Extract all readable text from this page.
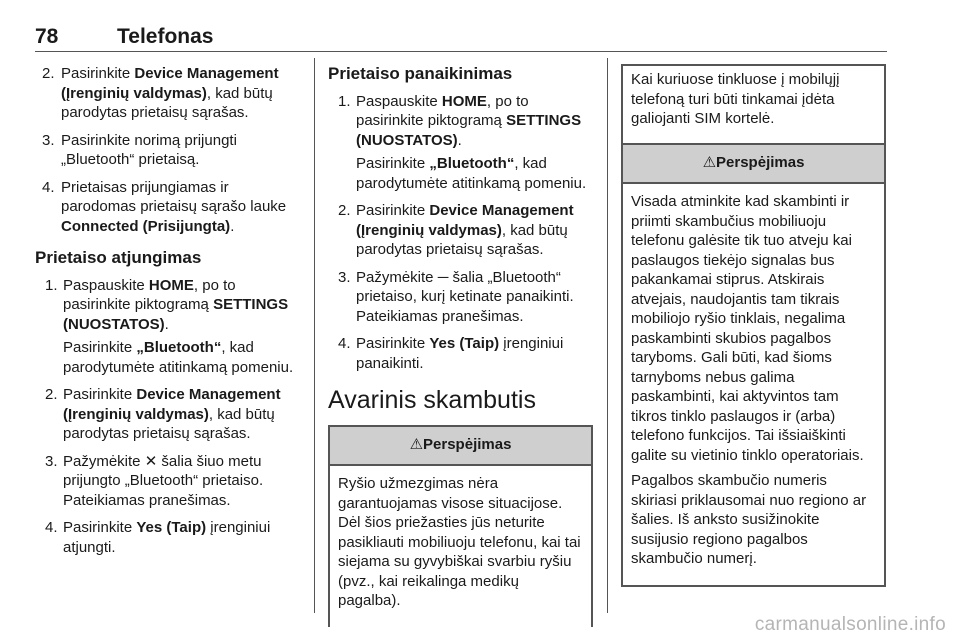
78	Telefonas
2. Pasirinkite Device Management (Įrenginių valdymas), kad būtų parodytas prietaisų sąrašas.
3. Pasirinkite norimą prijungti „Bluetooth“ prietaisą.
4. Prietaisas prijungiamas ir parodomas prietaisų sąrašo lauke Connected (Prisijungta).
Prietaiso atjungimas
1. Paspauskite HOME, po to pasirinkite piktogramą SETTINGS (NUOSTATOS).
Pasirinkite „Bluetooth“, kad parodytumėte atitinkamą pomeniu.
2. Pasirinkite Device Management (Įrenginių valdymas), kad būtų parodytas prietaisų sąrašas.
3. Pažymėkite ✕ šalia šiuo metu prijungto „Bluetooth“ prietaiso. Pateikiamas pranešimas.
4. Pasirinkite Yes (Taip) įrenginiui atjungti.
Prietaiso panaikinimas
1. Paspauskite HOME, po to pasirinkite piktogramą SETTINGS (NUOSTATOS).
Pasirinkite „Bluetooth“, kad parodytumėte atitinkamą pomeniu.
2. Pasirinkite Device Management (Įrenginių valdymas), kad būtų parodytas prietaisų sąrašas.
3. Pažymėkite ─ šalia „Bluetooth“ prietaiso, kurį ketinate panaikinti. Pateikiamas pranešimas.
4. Pasirinkite Yes (Taip) įrenginiui panaikinti.
Avarinis skambutis
⚠Perspėjimas

Ryšio užmezgimas nėra garantuojamas visose situacijose. Dėl šios priežasties jūs neturite pasikliauti mobiliuoju telefonu, kai tai siejama su gyvybiškai svarbiu ryšiu (pvz., kai reikalinga medikų pagalba).

Kai kuriuose tinkluose į mobilųjį telefoną turi būti tinkamai įdėta galiojanti SIM kortelė.
⚠Perspėjimas

Visada atminkite kad skambinti ir priimti skambučius mobiliuoju telefonu galėsite tik tuo atveju kai paslaugos tiekėjo signalas bus pakankamai stiprus. Atskirais atvejais, naudojantis tam tikrais mobiliojo ryšio tinklais, negalima paskambinti skubios pagalbos taryboms. Gali būti, kad šioms tarnyboms nebus galima paskambinti, kai aktyvintos tam tikros tinklo paslaugos ir (arba) telefono funkcijos. Tai išsiaiškinti galite su vietinio tinklo operatoriais.

Pagalbos skambučio numeris skiriasi priklausomai nuo regiono ar šalies. Iš anksto susižinokite susijusio regiono pagalbos skambučio numerį.

carmanualsonline.info
